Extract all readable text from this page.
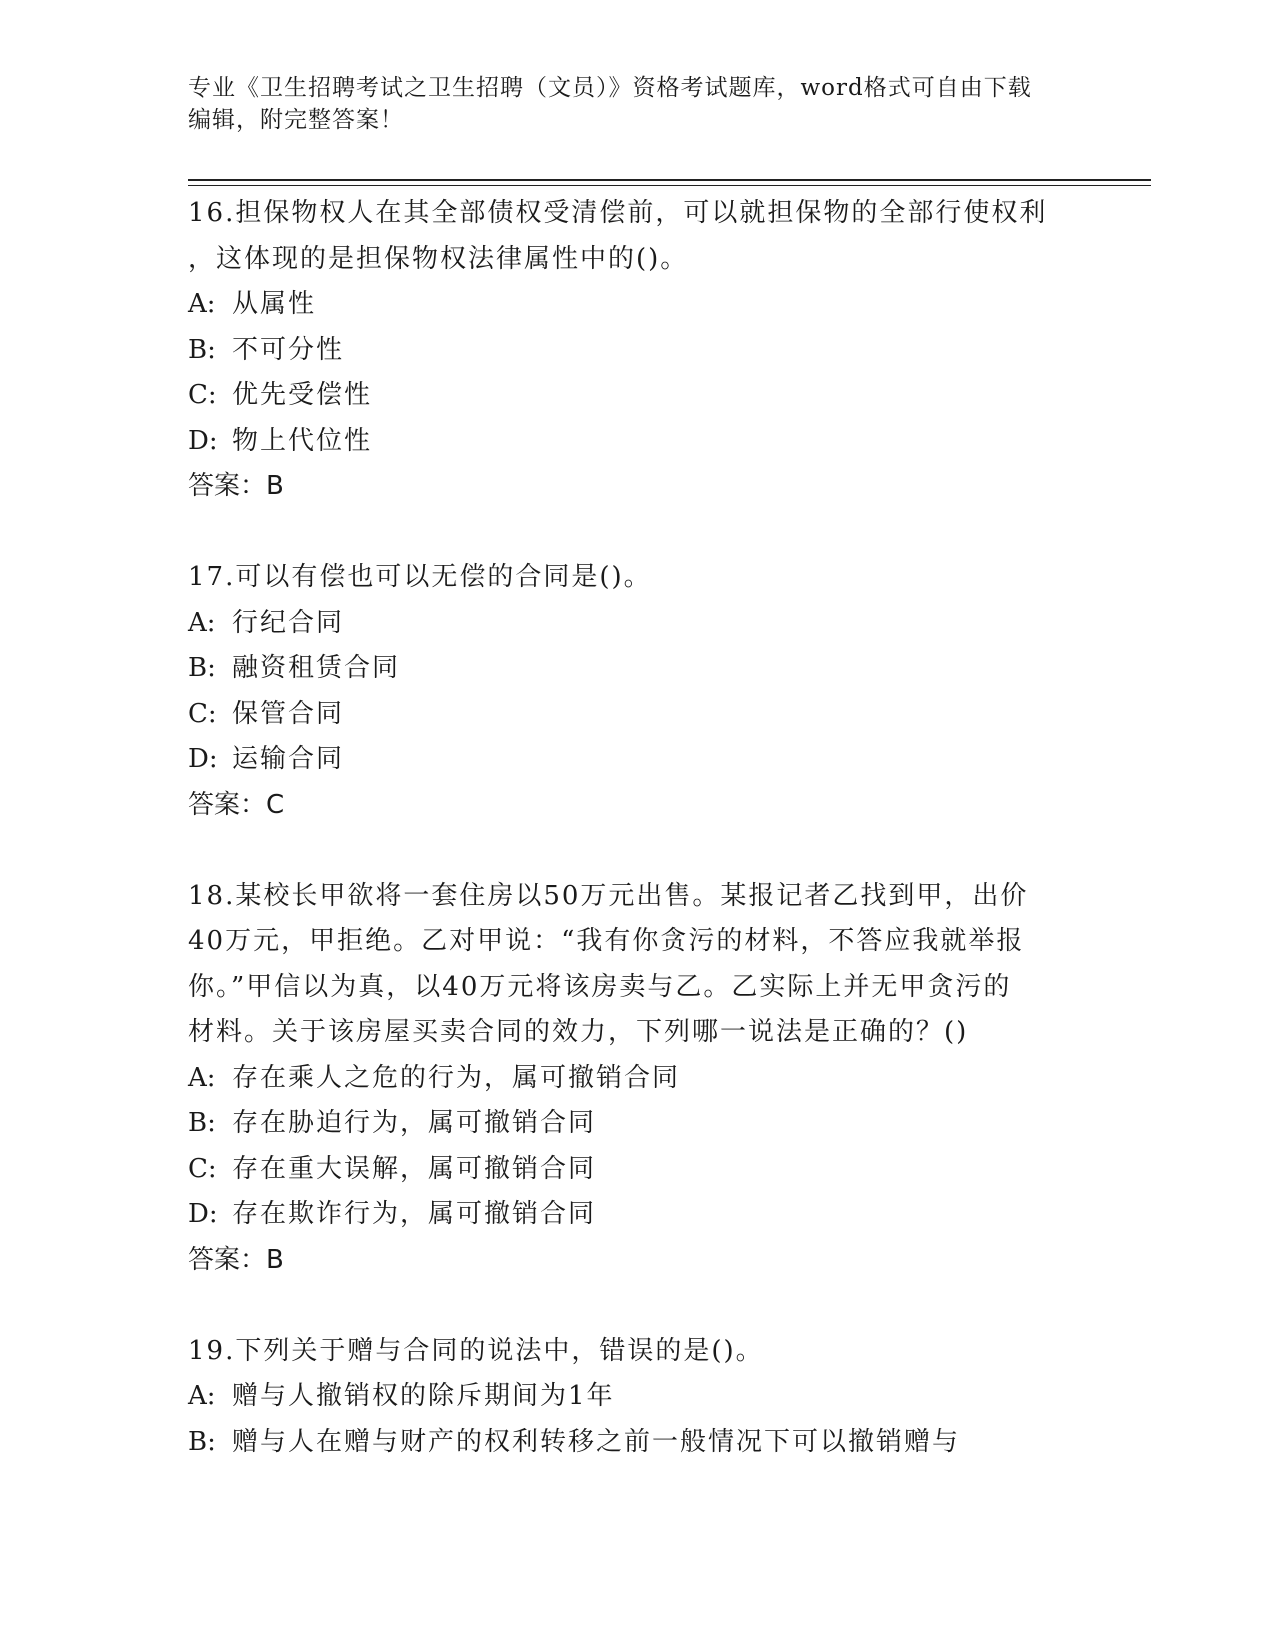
专业《卫生招聘考试之卫生招聘（文员）》资格考试题库，word格式可自由下载
编辑，附完整答案！
16.担保物权人在其全部债权受清偿前，可以就担保物的全部行使权利
，这体现的是担保物权法律属性中的()。
A: 从属性
B: 不可分性
C: 优先受偿性
D: 物上代位性
答案：B
17.可以有偿也可以无偿的合同是()。
A: 行纪合同
B: 融资租赁合同
C: 保管合同
D: 运输合同
答案：C
18.某校长甲欲将一套住房以50万元出售。某报记者乙找到甲，出价
40万元，甲拒绝。乙对甲说：“我有你贪污的材料，不答应我就举报
你。”甲信以为真，以40万元将该房卖与乙。乙实际上并无甲贪污的
材料。关于该房屋买卖合同的效力，下列哪一说法是正确的？()
A: 存在乘人之危的行为，属可撤销合同
B: 存在胁迫行为，属可撤销合同
C: 存在重大误解，属可撤销合同
D: 存在欺诈行为，属可撤销合同
答案：B
19.下列关于赠与合同的说法中，错误的是()。
A: 赠与人撤销权的除斥期间为1年
B: 赠与人在赠与财产的权利转移之前一般情况下可以撤销赠与
